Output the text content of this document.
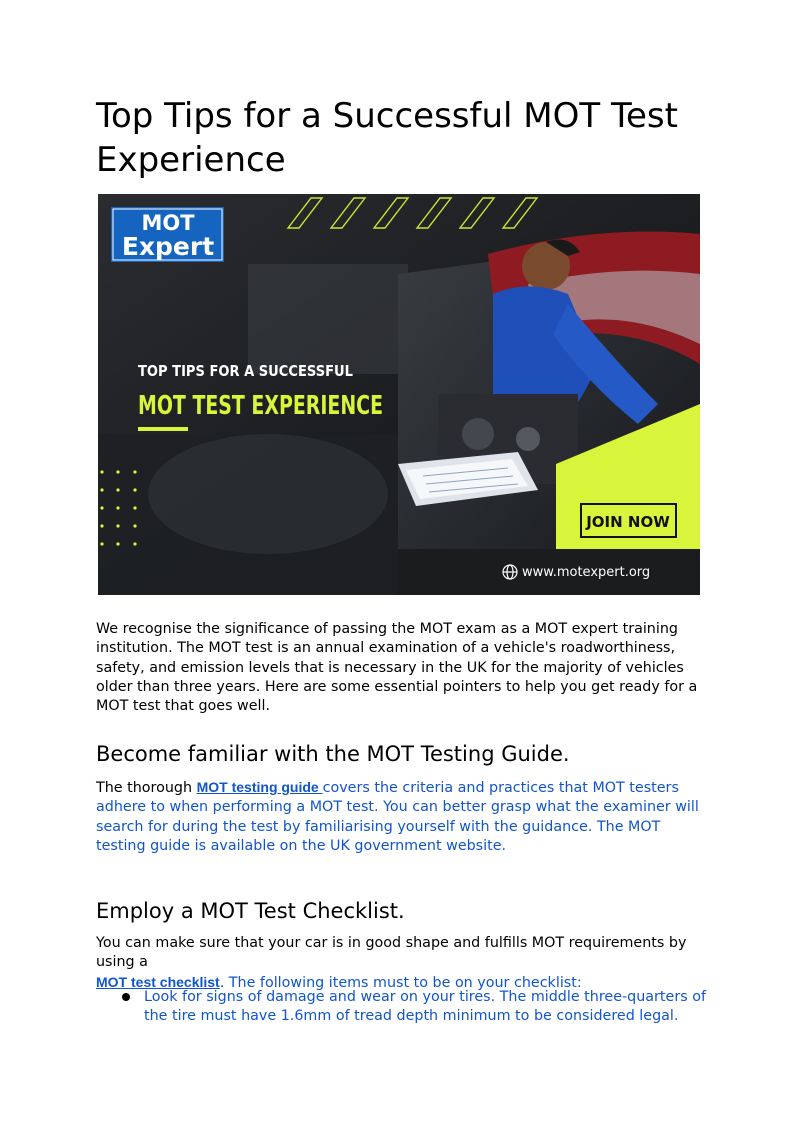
Top Tips for a Successful MOT Test Experience
MOT
Expert
TOP TIPS FOR A SUCCESSFUL
MOT TEST EXPERIENCE
JOIN NOW
www.motexpert.org

We recognise the significance of passing the MOT exam as a MOT expert training institution. The MOT test is an annual examination of a vehicle's roadworthiness, safety, and emission levels that is necessary in the UK for the majority of vehicles older than three years. Here are some essential pointers to help you get ready for a MOT test that goes well.

Become familiar with the MOT Testing Guide.

The thorough MOT testing guide covers the criteria and practices that MOT testers adhere to when performing a MOT test. You can better grasp what the examiner will search for during the test by familiarising yourself with the guidance. The MOT testing guide is available on the UK government website.

Employ a MOT Test Checklist.

You can make sure that your car is in good shape and fulfills MOT requirements by using a
MOT test checklist. The following items must to be on your checklist:

Look for signs of damage and wear on your tires. The middle three-quarters of the tire must have 1.6mm of tread depth minimum to be considered legal.
